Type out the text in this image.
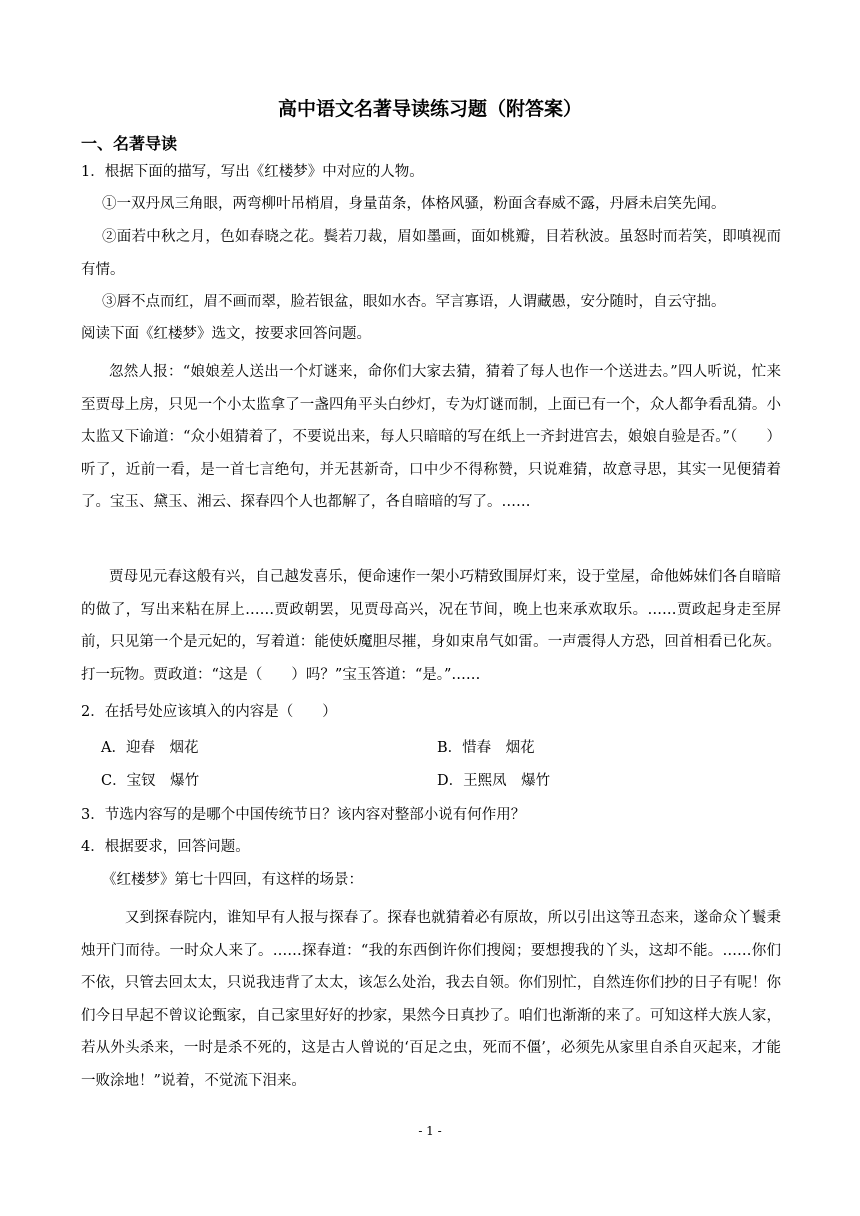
高中语文名著导读练习题（附答案）
一、名著导读
1．根据下面的描写，写出《红楼梦》中对应的人物。
①一双丹凤三角眼，两弯柳叶吊梢眉，身量苗条，体格风骚，粉面含春威不露，丹唇未启笑先闻。
②面若中秋之月，色如春晓之花。鬓若刀裁，眉如墨画，面如桃瓣，目若秋波。虽怒时而若笑，即嗔视而有情。
③唇不点而红，眉不画而翠，脸若银盆，眼如水杏。罕言寡语，人谓藏愚，安分随时，自云守拙。
阅读下面《红楼梦》选文，按要求回答问题。
忽然人报：“娘娘差人送出一个灯谜来，命你们大家去猜，猜着了每人也作一个送进去。”四人听说，忙来至贾母上房，只见一个小太监拿了一盏四角平头白纱灯，专为灯谜而制，上面已有一个，众人都争看乱猜。小太监又下谕道：“众小姐猜着了，不要说出来，每人只暗暗的写在纸上一齐封进宫去，娘娘自验是否。”（　　）听了，近前一看，是一首七言绝句，并无甚新奇，口中少不得称赞，只说难猜，故意寻思，其实一见便猜着了。宝玉、黛玉、湘云、探春四个人也都解了，各自暗暗的写了。……
贾母见元春这般有兴，自己越发喜乐，便命速作一架小巧精致围屏灯来，设于堂屋，命他姊妹们各自暗暗的做了，写出来粘在屏上……贾政朝罢，见贾母高兴，况在节间，晚上也来承欢取乐。……贾政起身走至屏前，只见第一个是元妃的，写着道：能使妖魔胆尽摧，身如束帛气如雷。一声震得人方恐，回首相看已化灰。打一玩物。贾政道：“这是（　　）吗？”宝玉答道：“是。”……
2．在括号处应该填入的内容是（　　）
A．迎春　烟花	B．惜春　烟花
C．宝钗　爆竹	D．王熙凤　爆竹
3．节选内容写的是哪个中国传统节日？该内容对整部小说有何作用？
4．根据要求，回答问题。
《红楼梦》第七十四回，有这样的场景：
又到探春院内，谁知早有人报与探春了。探春也就猜着必有原故，所以引出这等丑态来，遂命众丫鬟秉烛开门而待。一时众人来了。……探春道：“我的东西倒许你们搜阅；要想搜我的丫头，这却不能。……你们不依，只管去回太太，只说我违背了太太，该怎么处治，我去自领。你们别忙，自然连你们抄的日子有呢！你们今日早起不曾议论甄家，自己家里好好的抄家，果然今日真抄了。咱们也渐渐的来了。可知这样大族人家，若从外头杀来，一时是杀不死的，这是古人曾说的‘百足之虫，死而不僵’，必须先从家里自杀自灭起来，才能一败涂地！”说着，不觉流下泪来。
- 1 -
